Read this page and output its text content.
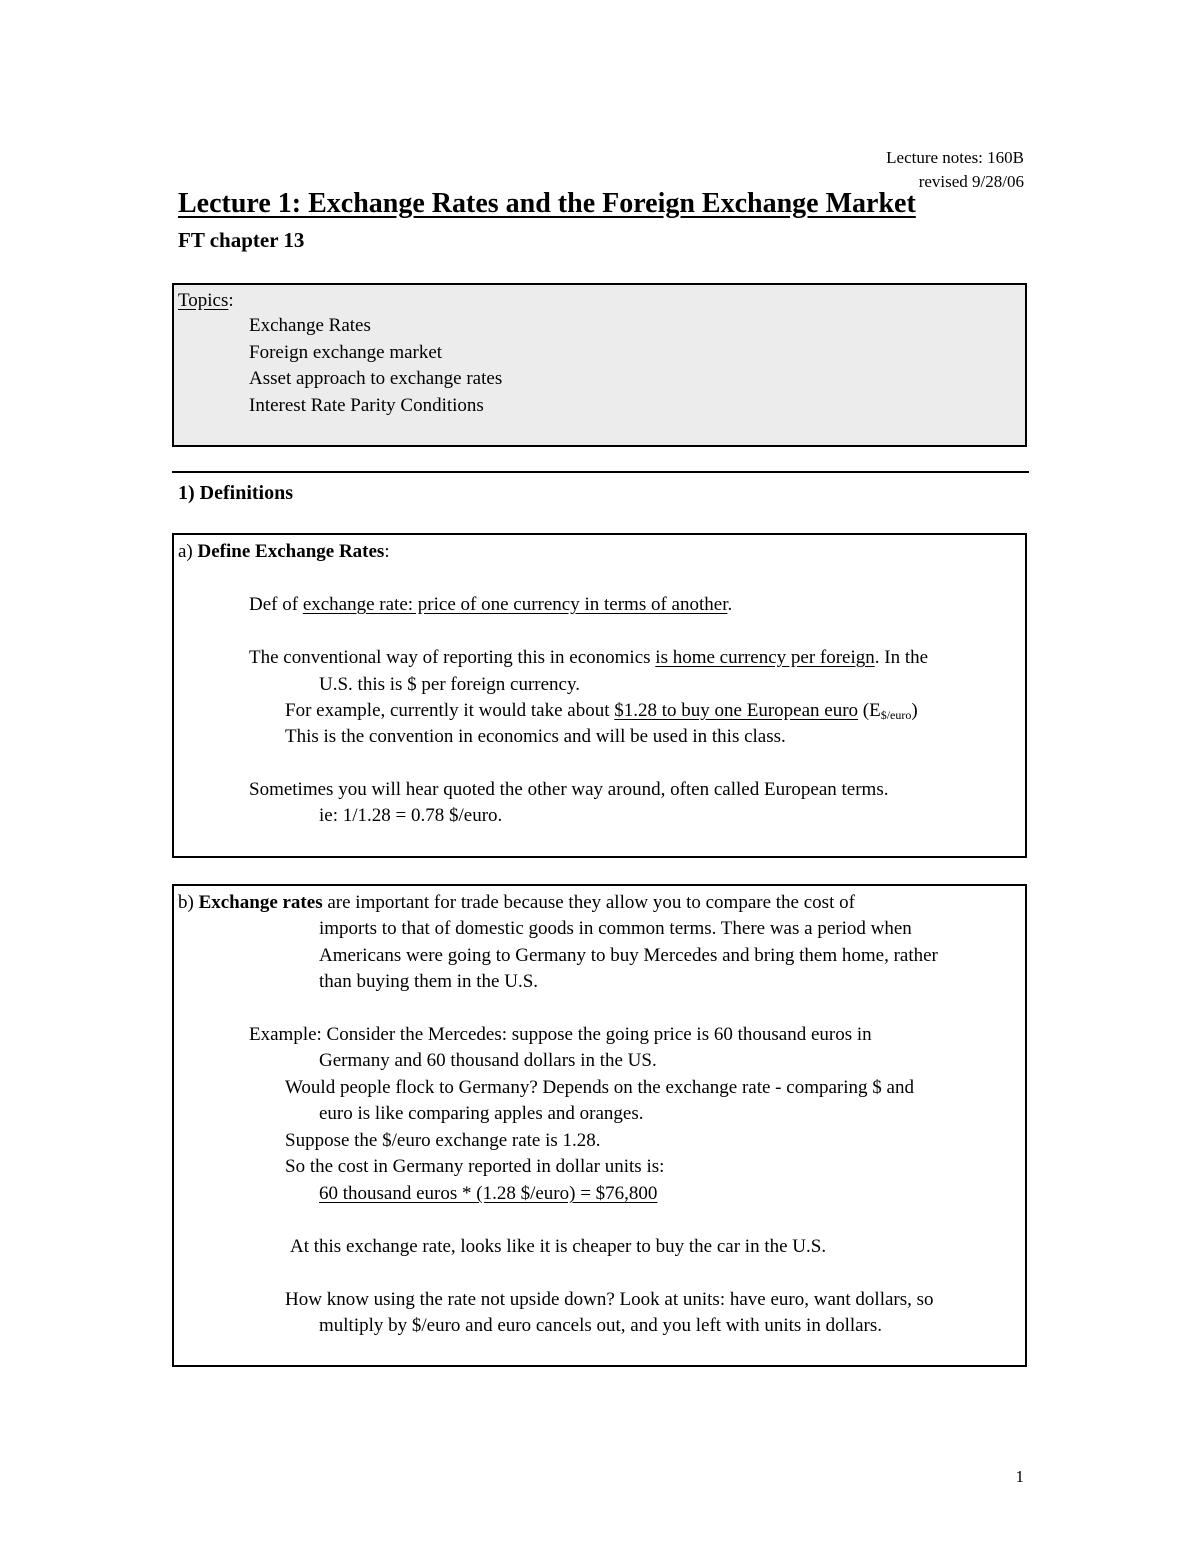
Lecture notes: 160B
revised 9/28/06
Lecture 1: Exchange Rates and the Foreign Exchange Market
FT chapter 13
Topics:
Exchange Rates
Foreign exchange market
Asset approach to exchange rates
Interest Rate Parity Conditions
1) Definitions
a) Define Exchange Rates:
Def of exchange rate: price of one currency in terms of another.
The conventional way of reporting this in economics is home currency per foreign. In the
U.S. this is $ per foreign currency.
For example, currently it would take about $1.28 to buy one European euro $(E_{\$/euro})$
This is the convention in economics and will be used in this class.
Sometimes you will hear quoted the other way around, often called European terms.
ie: 1/1.28 = 0.78 $/euro.
b) Exchange rates are important for trade because they allow you to compare the cost of
imports to that of domestic goods in common terms. There was a period when
Americans were going to Germany to buy Mercedes and bring them home, rather
than buying them in the U.S.
Example: Consider the Mercedes: suppose the going price is 60 thousand euros in
Germany and 60 thousand dollars in the US.
Would people flock to Germany? Depends on the exchange rate - comparing $ and
euro is like comparing apples and oranges.
Suppose the $/euro exchange rate is 1.28.
So the cost in Germany reported in dollar units is:
60 thousand euros * (1.28 $/euro) = $76,800
At this exchange rate, looks like it is cheaper to buy the car in the U.S.
How know using the rate not upside down? Look at units: have euro, want dollars, so
multiply by $/euro and euro cancels out, and you left with units in dollars.
1
